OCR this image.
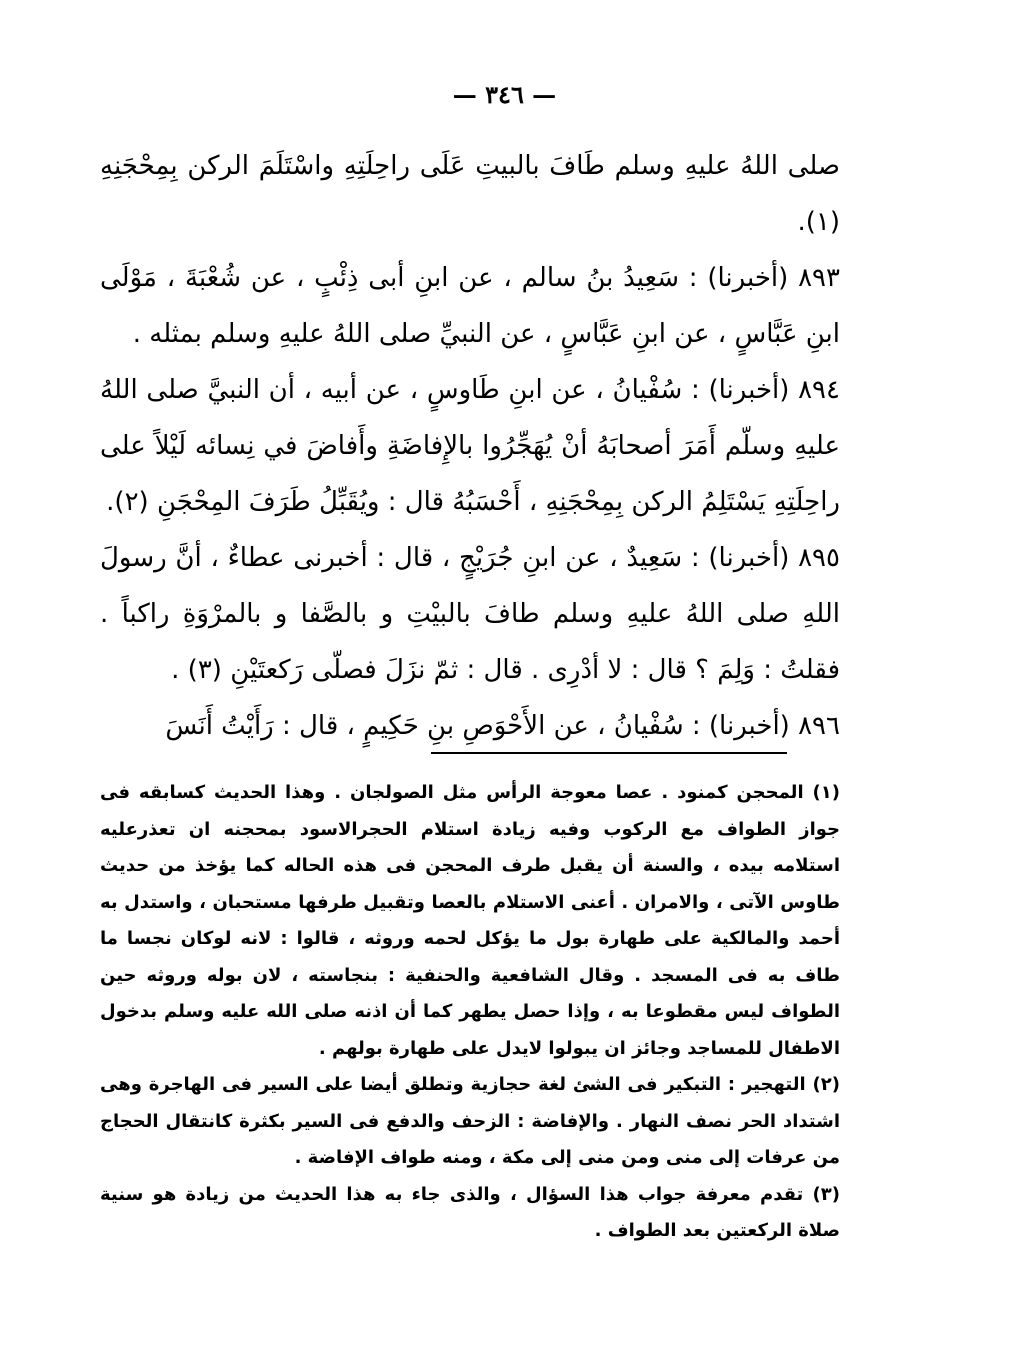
— ٣٤٦ —

صلى اللهُ عليهِ وسلم طَافَ بالبيتِ عَلَى راحِلَتِهِ واسْتَلَمَ الركن بِمِحْجَنِهِ (١).

٨٩٣ (أخبرنا) : سَعِيدُ بنُ سالم ، عن ابنِ أبى ذِئْبٍ ، عن شُعْبَةَ ، مَوْلَى ابنِ عَبَّاسٍ ، عن ابنِ عَبَّاسٍ ، عن النبيِّ صلى اللهُ عليهِ وسلم بمثله .

٨٩٤ (أخبرنا) : سُفْيانُ ، عن ابنِ طَاوسٍ ، عن أبيه ، أن النبيَّ صلى اللهُ عليهِ وسلّم أَمَرَ أصحابَهُ أنْ يُهَجِّرُوا بالإِفاضَةِ وأَفاضَ في نِسائه لَيْلاً على راحِلَتِهِ يَسْتَلِمُ الركن بِمِحْجَنِهِ ، أَحْسَبُهُ قال : ويُقَبِّلُ طَرَفَ المِحْجَنِ (٢).

٨٩٥ (أخبرنا) : سَعِيدٌ ، عن ابنِ جُرَيْجٍ ، قال : أخبرنى عطاءٌ ، أنَّ رسولَ اللهِ صلى اللهُ عليهِ وسلم طافَ بالبيْتِ و بالصَّفا و بالمرْوَةِ راكباً . فقلتُ : وَلِمَ ؟ قال : لا أدْرِى . قال : ثمّ نزَلَ فصلّى رَكعتَيْنِ (٣) .

٨٩٦ (أخبرنا) : سُفْيانُ ، عن الأَحْوَصِ بنِ حَكِيمٍ ، قال : رَأَيْتُ أَنَسَ

(١) المحجن كمنود . عصا معوجة الرأس مثل الصولجان . وهذا الحديث كسابقه فى جواز الطواف مع الركوب وفيه زيادة استلام الحجرالاسود بمحجنه ان تعذرعليه استلامه بيده ، والسنة أن يقبل طرف المحجن فى هذه الحاله كما يؤخذ من حديث طاوس الآتى ، والامران . أعنى الاستلام بالعصا وتقبيل طرفها مستحبان ، واستدل به أحمد والمالكية على طهارة بول ما يؤكل لحمه وروثه ، قالوا : لانه لوكان نجسا ما طاف به فى المسجد . وقال الشافعية والحنفية : بنجاسته ، لان بوله وروثه حين الطواف ليس مقطوعا به ، وإذا حصل يطهر كما أن اذنه صلى الله عليه وسلم بدخول الاطفال للمساجد وجائز ان يبولوا لايدل على طهارة بولهم .

(٢) التهجير : التبكير فى الشئ لغة حجازية وتطلق أيضا على السير فى الهاجرة وهى اشتداد الحر نصف النهار . والإفاضة : الزحف والدفع فى السير بكثرة كانتقال الحجاج من عرفات إلى منى ومن منى إلى مكة ، ومنه طواف الإفاضة .

(٣) تقدم معرفة جواب هذا السؤال ، والذى جاء به هذا الحديث من زيادة هو سنية صلاة الركعتين بعد الطواف .
